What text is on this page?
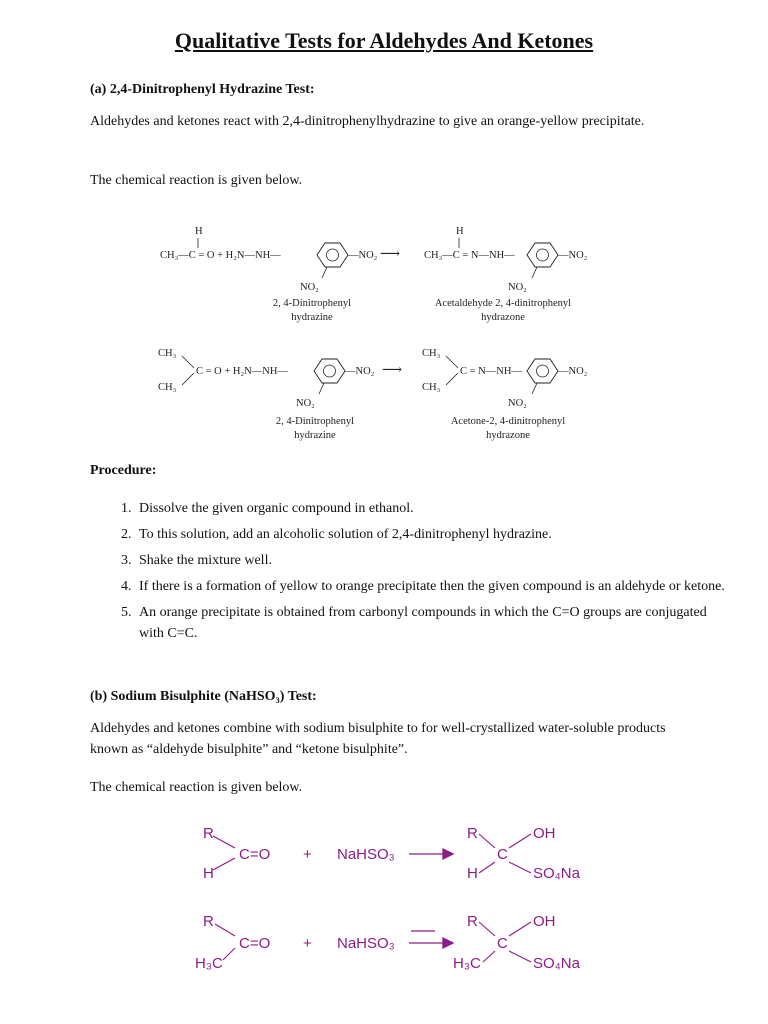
Qualitative Tests for Aldehydes And Ketones
(a) 2,4-Dinitrophenyl Hydrazine Test:
Aldehydes and ketones react with 2,4-dinitrophenylhydrazine to give an orange-yellow precipitate.
The chemical reaction is given below.
H
CH₃—C = O + H₂N—NH—	—NO₂
NO₂
⟶
H
CH₃—C = N—NH—	—NO₂
NO₂
2, 4-Dinitrophenyl
hydrazine
Acetaldehyde 2, 4-dinitrophenyl
hydrazone
CH₃
CH₃
C = O + H₂N—NH—	—NO₂
NO₂
⟶
CH₃
CH₃
C = N—NH—	—NO₂
NO₂
2, 4-Dinitrophenyl
hydrazine
Acetone-2, 4-dinitrophenyl
hydrazone
Procedure:
1. Dissolve the given organic compound in ethanol.
2. To this solution, add an alcoholic solution of 2,4-dinitrophenyl hydrazine.
3. Shake the mixture well.
4. If there is a formation of yellow to orange precipitate then the given compound is an aldehyde or ketone.
5. An orange precipitate is obtained from carbonyl compounds in which the C=O groups are conjugated with C=C.
(b) Sodium Bisulphite (NaHSO₃) Test:
Aldehydes and ketones combine with sodium bisulphite to for well-crystallized water-soluble products known as “aldehyde bisulphite” and “ketone bisulphite”.
The chemical reaction is given below.
R
H
C=O + NaHSO₃
R	OH
C
H	SO₄Na
R
H₃C
C=O + NaHSO₃
R	OH
C
H₃C	SO₄Na
